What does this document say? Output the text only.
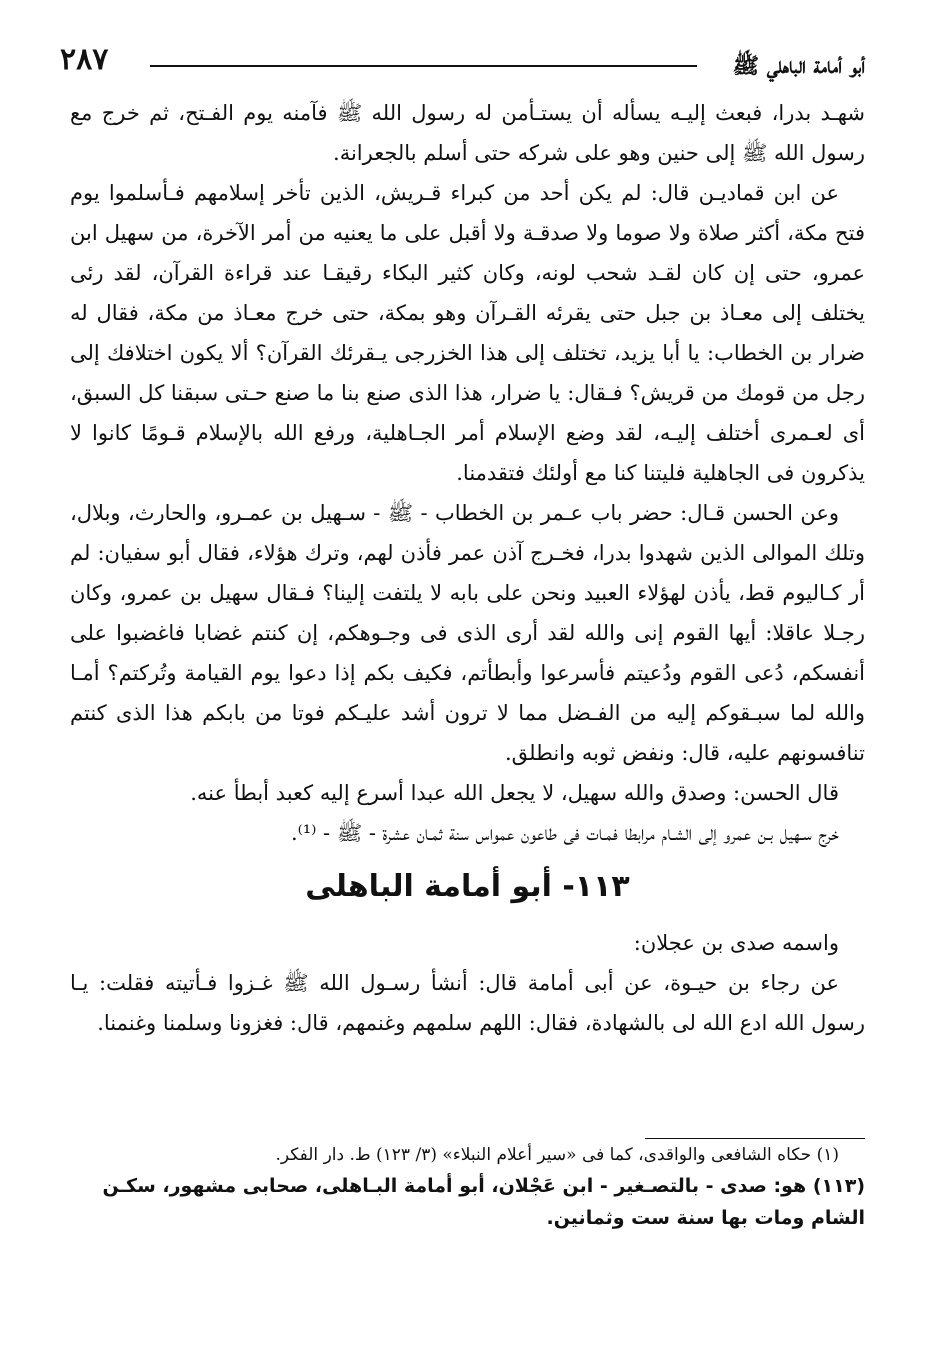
أبو أمامة الباهلي ﷺ
٢٨٧

شهـد بدرا، فبعث إليـه يسأله أن يستـأمن له رسول الله ﷺ فآمنه يوم الفـتح، ثم خرج مع رسول الله ﷺ إلى حنين وهو على شركه حتى أسلم بالجعرانة.

عن ابن قماديـن قال: لم يكن أحد من كبراء قـريش، الذين تأخر إسلامهم فـأسلموا يوم فتح مكة، أكثر صلاة ولا صوما ولا صدقـة ولا أقبل على ما يعنيه من أمر الآخرة، من سهيل ابن عمرو، حتى إن كان لقـد شحب لونه، وكان كثير البكاء رقيقـا عند قراءة القرآن، لقد رئى يختلف إلى معـاذ بن جبل حتى يقرئه القـرآن وهو بمكة، حتى خرج معـاذ من مكة، فقال له ضرار بن الخطاب: يا أبا يزيد، تختلف إلى هذا الخزرجى يـقرئك القرآن؟ ألا يكون اختلافك إلى رجل من قومك من قريش؟ فـقال: يا ضرار، هذا الذى صنع بنا ما صنع حـتى سبقنا كل السبق، أى لعـمرى أختلف إليـه، لقد وضع الإسلام أمر الجـاهلية، ورفع الله بالإسلام قـومًا كانوا لا يذكرون فى الجاهلية فليتنا كنا مع أولئك فتقدمنا.

وعن الحسن قـال: حضر باب عـمر بن الخطاب - ﷺ - سـهيل بن عمـرو، والحارث، وبلال، وتلك الموالى الذين شهدوا بدرا، فخـرج آذن عمر فأذن لهم، وترك هؤلاء، فقال أبو سفيان: لم أر كـاليوم قط، يأذن لهؤلاء العبيد ونحن على بابه لا يلتفت إلينا؟ فـقال سهيل بن عمرو، وكان رجـلا عاقلا: أيها القوم إنى والله لقد أرى الذى فى وجـوهكم، إن كنتم غضابا فاغضبوا على أنفسكم، دُعى القوم ودُعيتم فأسرعوا وأبطأتم، فكيف بكم إذا دعوا يوم القيامة وتُركتم؟ أمـا والله لما سبـقوكم إليه من الفـضل مما لا ترون أشد عليـكم فوتا من بابكم هذا الذى كنتم تنافسونهم عليه، قال: ونفض ثوبه وانطلق.

قال الحسن: وصدق والله سهيل، لا يجعل الله عبدا أسرع إليه كعبد أبطأ عنه.

خرج سـهيل بـن عمرو إلى الشـام مرابطا فمـات فى طاعون عمواس سنة ثمـان عشرة - ﷺ - ⁽¹⁾.

١١٣- أبو أمامة الباهلى

واسمه صدى بن عجلان:

عن رجاء بن حيـوة، عن أبى أمامة قال: أنشأ رسـول الله ﷺ غـزوا فـأتيته فقلت: يـا رسول الله ادع الله لى بالشهادة، فقال: اللهم سلمهم وغنمهم، قال: فغزونا وسلمنا وغنمنا.

(١) حكاه الشافعى والواقدى، كما فى «سير أعلام النبلاء» (٣/ ١٢٣) ط. دار الفكر.
(١١٣) هو: صدى - بالتصـغير - ابن عَجْلان، أبو أمامة البـاهلى، صحابى مشهور، سكـن الشام ومات بها سنة ست وثمانين.
